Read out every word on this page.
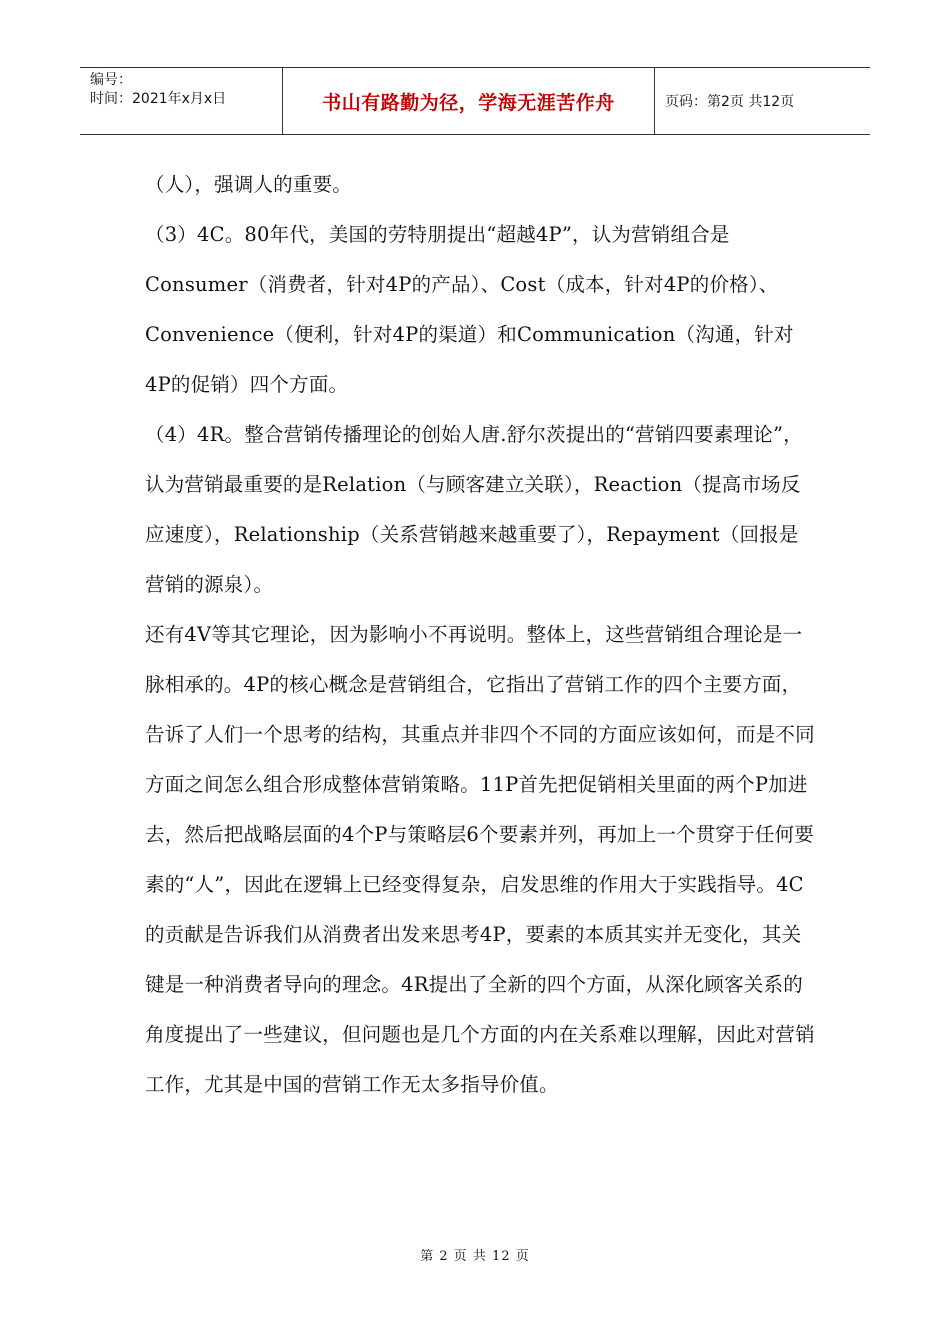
编号：
时间：2021年x月x日	书山有路勤为径，学海无涯苦作舟	页码：第2页 共12页

（人），强调人的重要。

（3）4C。80年代，美国的劳特朋提出“超越4P”，认为营销组合是Consumer（消费者，针对4P的产品）、Cost（成本，针对4P的价格）、Convenience（便利，针对4P的渠道）和Communication（沟通，针对4P的促销）四个方面。

（4）4R。整合营销传播理论的创始人唐.舒尔茨提出的“营销四要素理论”，认为营销最重要的是Relation（与顾客建立关联），Reaction（提高市场反应速度），Relationship（关系营销越来越重要了），Repayment（回报是营销的源泉）。

还有4V等其它理论，因为影响小不再说明。整体上，这些营销组合理论是一脉相承的。4P的核心概念是营销组合，它指出了营销工作的四个主要方面，告诉了人们一个思考的结构，其重点并非四个不同的方面应该如何，而是不同方面之间怎么组合形成整体营销策略。11P首先把促销相关里面的两个P加进去，然后把战略层面的4个P与策略层6个要素并列，再加上一个贯穿于任何要素的“人”，因此在逻辑上已经变得复杂，启发思维的作用大于实践指导。4C的贡献是告诉我们从消费者出发来思考4P，要素的本质其实并无变化，其关键是一种消费者导向的理念。4R提出了全新的四个方面，从深化顾客关系的角度提出了一些建议，但问题也是几个方面的内在关系难以理解，因此对营销工作，尤其是中国的营销工作无太多指导价值。

第 2 页 共 12 页
